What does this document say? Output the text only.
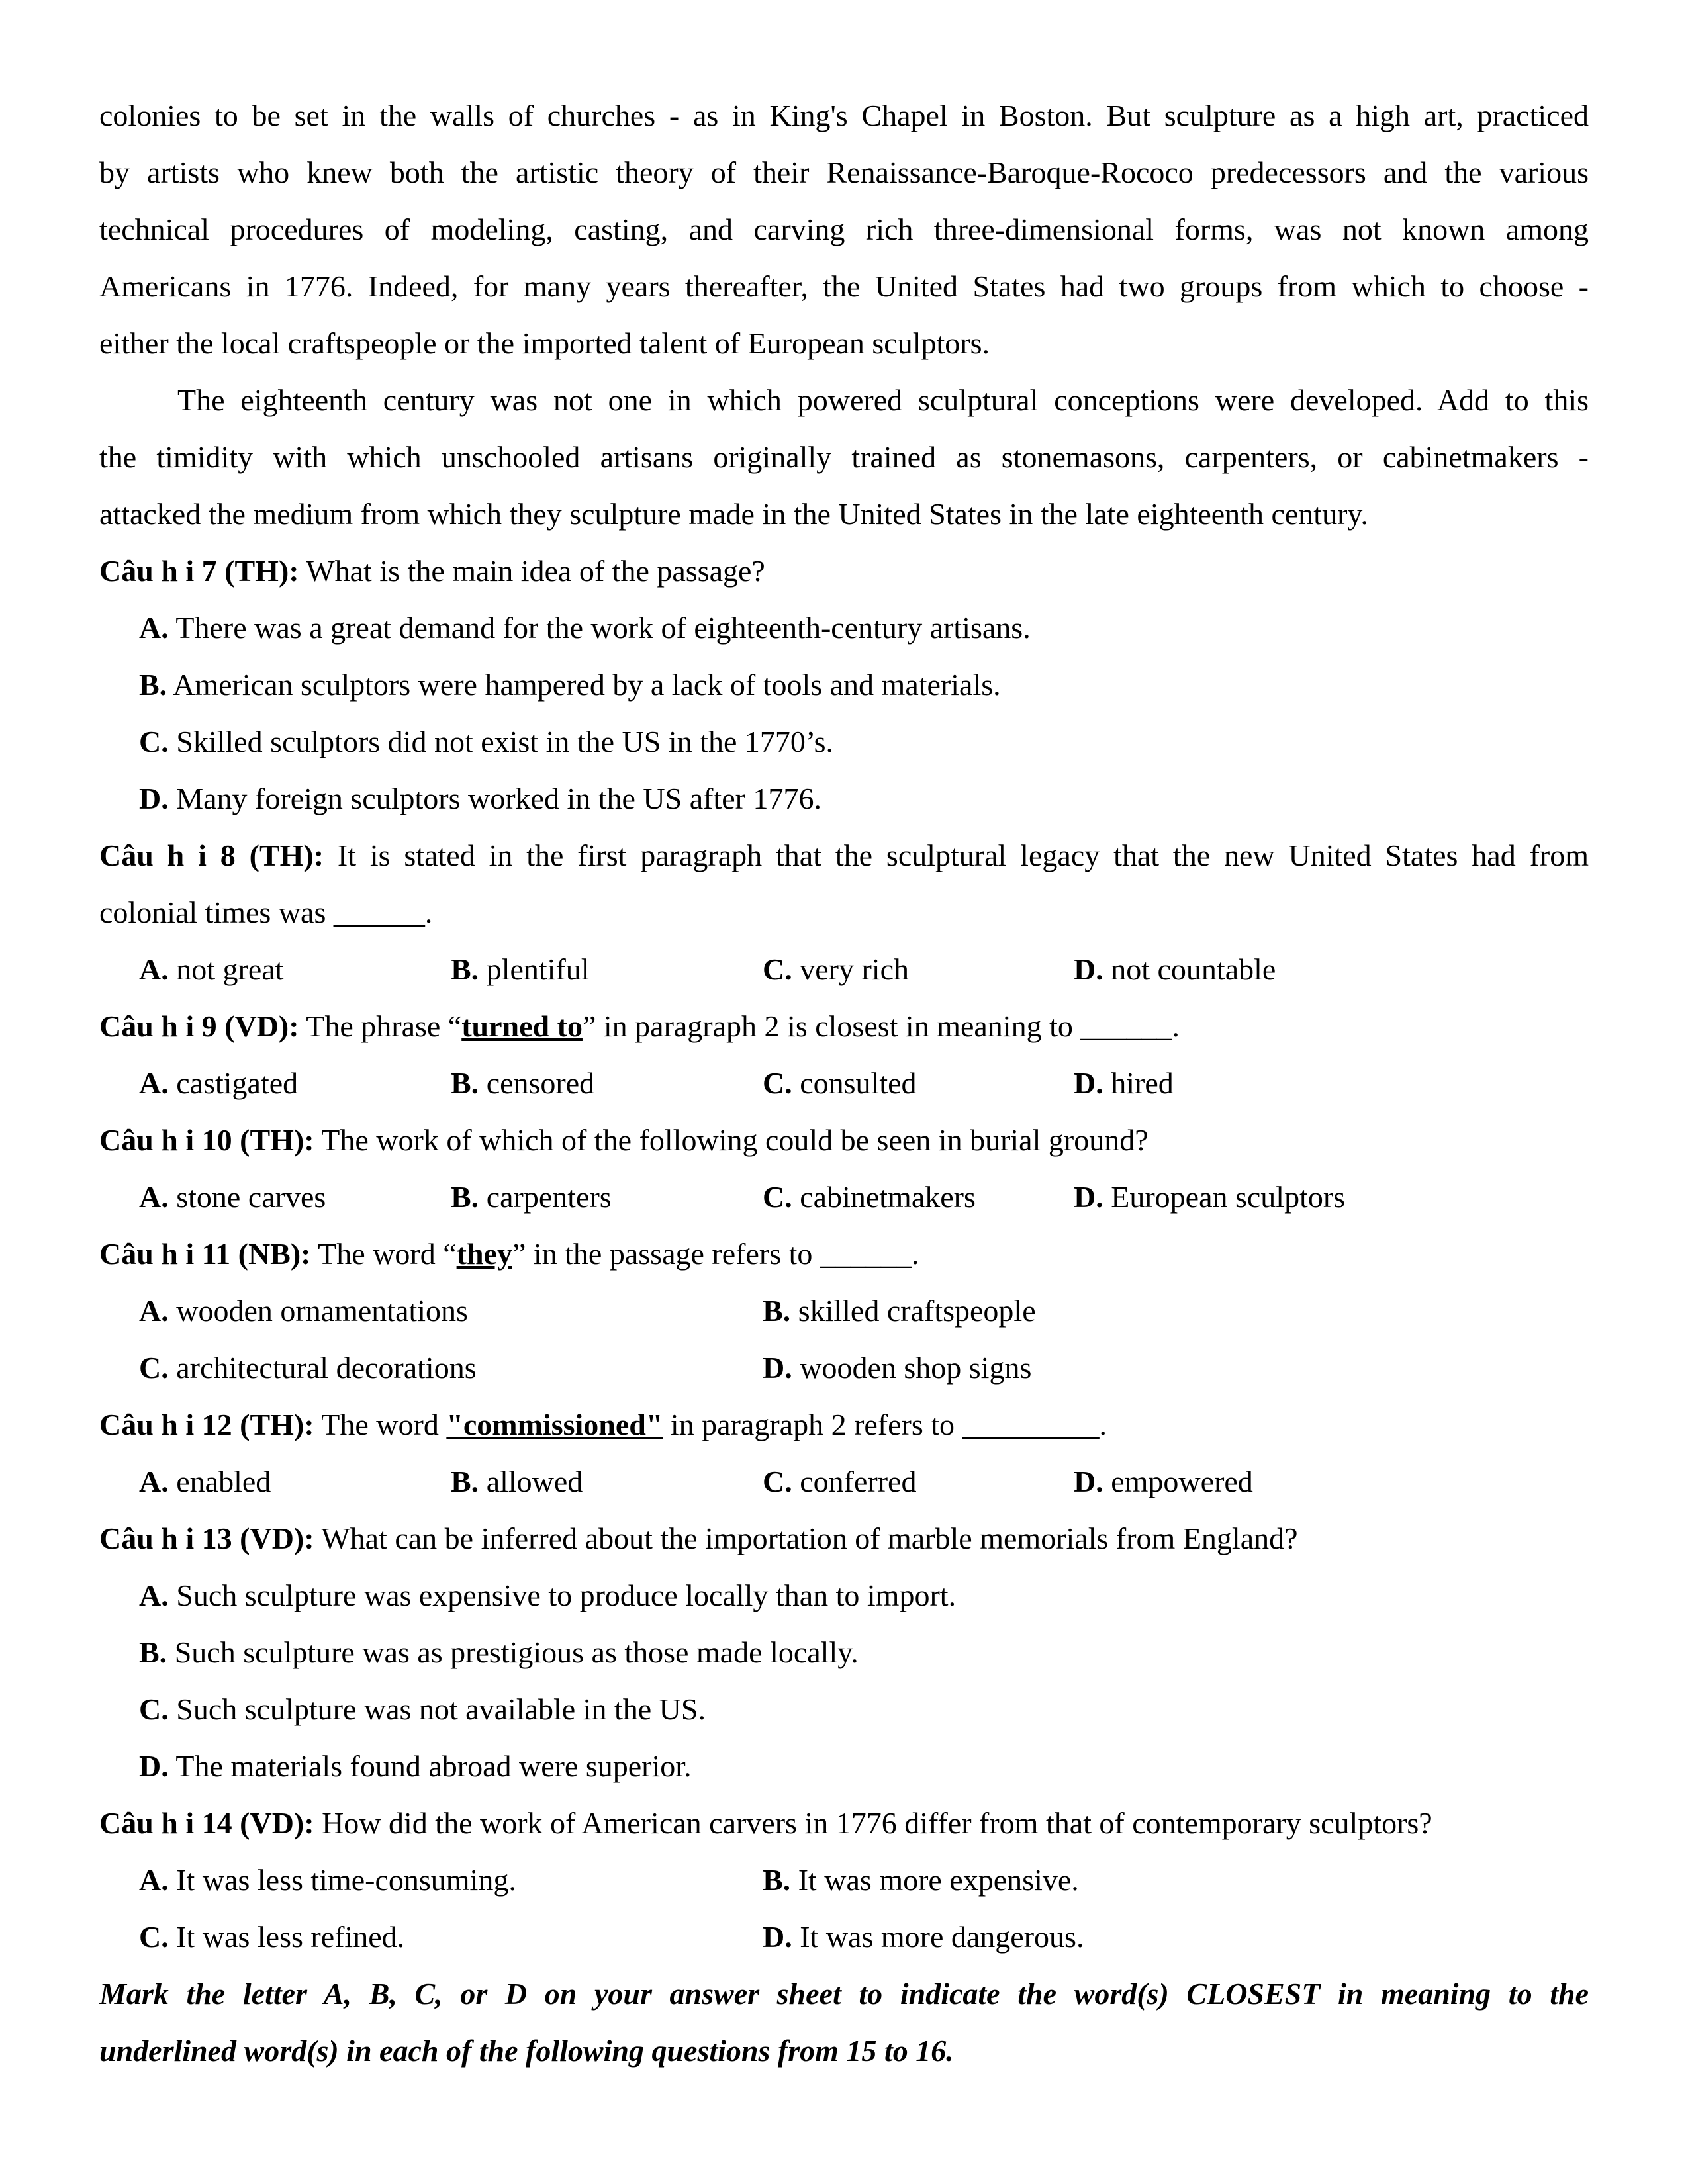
colonies to be set in the walls of churches - as in King's Chapel in Boston. But sculpture as a high art, practiced
by artists who knew both the artistic theory of their Renaissance-Baroque-Rococo predecessors and the various
technical procedures of modeling, casting, and carving rich three-dimensional forms, was not known among
Americans in 1776. Indeed, for many years thereafter, the United States had two groups from which to choose -
either the local craftspeople or the imported talent of European sculptors.
The eighteenth century was not one in which powered sculptural conceptions were developed. Add to this
the timidity with which unschooled artisans originally trained as stonemasons, carpenters, or cabinetmakers -
attacked the medium from which they sculpture made in the United States in the late eighteenth century.
Câu h i 7 (TH): What is the main idea of the passage?
A. There was a great demand for the work of eighteenth-century artisans.
B. American sculptors were hampered by a lack of tools and materials.
C. Skilled sculptors did not exist in the US in the 1770’s.
D. Many foreign sculptors worked in the US after 1776.
Câu h i 8 (TH): It is stated in the first paragraph that the sculptural legacy that the new United States had from
colonial times was ______.
A. not great	B. plentiful	C. very rich	D. not countable
Câu h i 9 (VD): The phrase “turned to” in paragraph 2 is closest in meaning to ______.
A. castigated	B. censored	C. consulted	D. hired
Câu h i 10 (TH): The work of which of the following could be seen in burial ground?
A. stone carves	B. carpenters	C. cabinetmakers	D. European sculptors
Câu h i 11 (NB): The word “they” in the passage refers to ______.
A. wooden ornamentations	B. skilled craftspeople
C. architectural decorations	D. wooden shop signs
Câu h i 12 (TH): The word "commissioned" in paragraph 2 refers to _________.
A. enabled	B. allowed	C. conferred	D. empowered
Câu h i 13 (VD): What can be inferred about the importation of marble memorials from England?
A. Such sculpture was expensive to produce locally than to import.
B. Such sculpture was as prestigious as those made locally.
C. Such sculpture was not available in the US.
D. The materials found abroad were superior.
Câu h i 14 (VD): How did the work of American carvers in 1776 differ from that of contemporary sculptors?
A. It was less time-consuming.	B. It was more expensive.
C. It was less refined.	D. It was more dangerous.
Mark the letter A, B, C, or D on your answer sheet to indicate the word(s) CLOSEST in meaning to the
underlined word(s) in each of the following questions from 15 to 16.
